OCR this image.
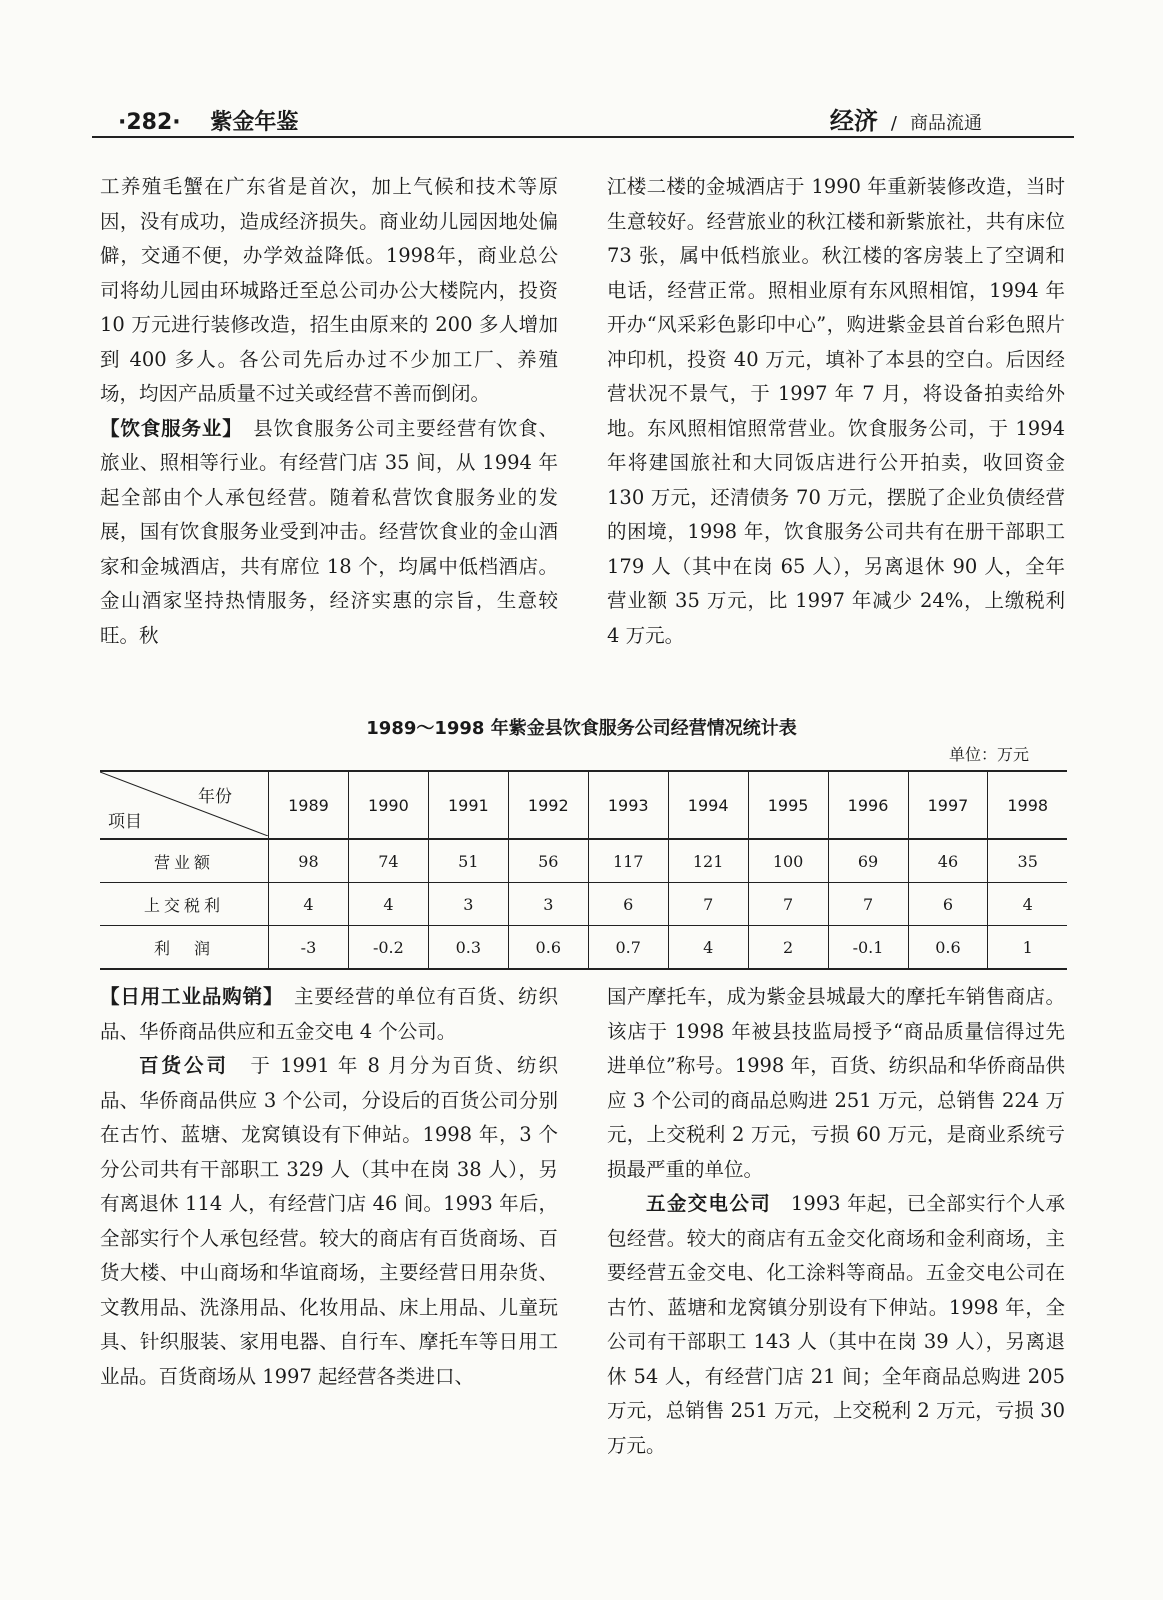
·282· 紫金年鉴	经济 / 商品流通

工养殖毛蟹在广东省是首次，加上气候和技术等原因，没有成功，造成经济损失。商业幼儿园因地处偏僻，交通不便，办学效益降低。1998年，商业总公司将幼儿园由环城路迁至总公司办公大楼院内，投资 10 万元进行装修改造，招生由原来的 200 多人增加到 400 多人。各公司先后办过不少加工厂、养殖场，均因产品质量不过关或经营不善而倒闭。

【饮食服务业】　 县饮食服务公司主要经营有饮食、旅业、照相等行业。有经营门店 35 间，从 1994 年起全部由个人承包经营。随着私营饮食服务业的发展，国有饮食服务业受到冲击。经营饮食业的金山酒家和金城酒店，共有席位 18 个，均属中低档酒店。金山酒家坚持热情服务，经济实惠的宗旨，生意较旺。秋

江楼二楼的金城酒店于 1990 年重新装修改造，当时生意较好。经营旅业的秋江楼和新紫旅社，共有床位 73 张，属中低档旅业。秋江楼的客房装上了空调和电话，经营正常。照相业原有东风照相馆，1994 年开办“风采彩色影印中心”，购进紫金县首台彩色照片冲印机，投资 40 万元，填补了本县的空白。后因经营状况不景气，于 1997 年 7 月，将设备拍卖给外地。东风照相馆照常营业。饮食服务公司，于 1994 年将建国旅社和大同饭店进行公开拍卖，收回资金 130 万元，还清债务 70 万元，摆脱了企业负债经营的困境，1998 年，饮食服务公司共有在册干部职工 179 人（其中在岗 65 人），另离退休 90 人，全年营业额 35 万元，比 1997 年减少 24%，上缴税利 4 万元。

1989～1998 年紫金县饮食服务公司经营情况统计表
单位：万元
年份
项目	1989	1990	1991	1992	1993	1994	1995	1996	1997	1998
营业额	98	74	51	56	117	121	100	69	46	35
上交税利	4	4	3	3	6	7	7	7	6	4
利　润	-3	-0.2	0.3	0.6	0.7	4	2	-0.1	0.6	1

【日用工业品购销】　 主要经营的单位有百货、纺织品、华侨商品供应和五金交电 4 个公司。

百货公司　 于 1991 年 8 月分为百货、纺织品、华侨商品供应 3 个公司，分设后的百货公司分别在古竹、蓝塘、龙窝镇设有下伸站。1998 年，3 个分公司共有干部职工 329 人（其中在岗 38 人），另有离退休 114 人，有经营门店 46 间。1993 年后，全部实行个人承包经营。较大的商店有百货商场、百货大楼、中山商场和华谊商场，主要经营日用杂货、文教用品、洗涤用品、化妆用品、床上用品、儿童玩具、针织服装、家用电器、自行车、摩托车等日用工业品。百货商场从 1997 起经营各类进口、

国产摩托车，成为紫金县城最大的摩托车销售商店。该店于 1998 年被县技监局授予“商品质量信得过先进单位”称号。1998 年，百货、纺织品和华侨商品供应 3 个公司的商品总购进 251 万元，总销售 224 万元，上交税利 2 万元，亏损 60 万元，是商业系统亏损最严重的单位。

五金交电公司　 1993 年起，已全部实行个人承包经营。较大的商店有五金交化商场和金利商场，主要经营五金交电、化工涂料等商品。五金交电公司在古竹、蓝塘和龙窝镇分别设有下伸站。1998 年，全公司有干部职工 143 人（其中在岗 39 人），另离退休 54 人，有经营门店 21 间；全年商品总购进 205 万元，总销售 251 万元，上交税利 2 万元，亏损 30 万元。
